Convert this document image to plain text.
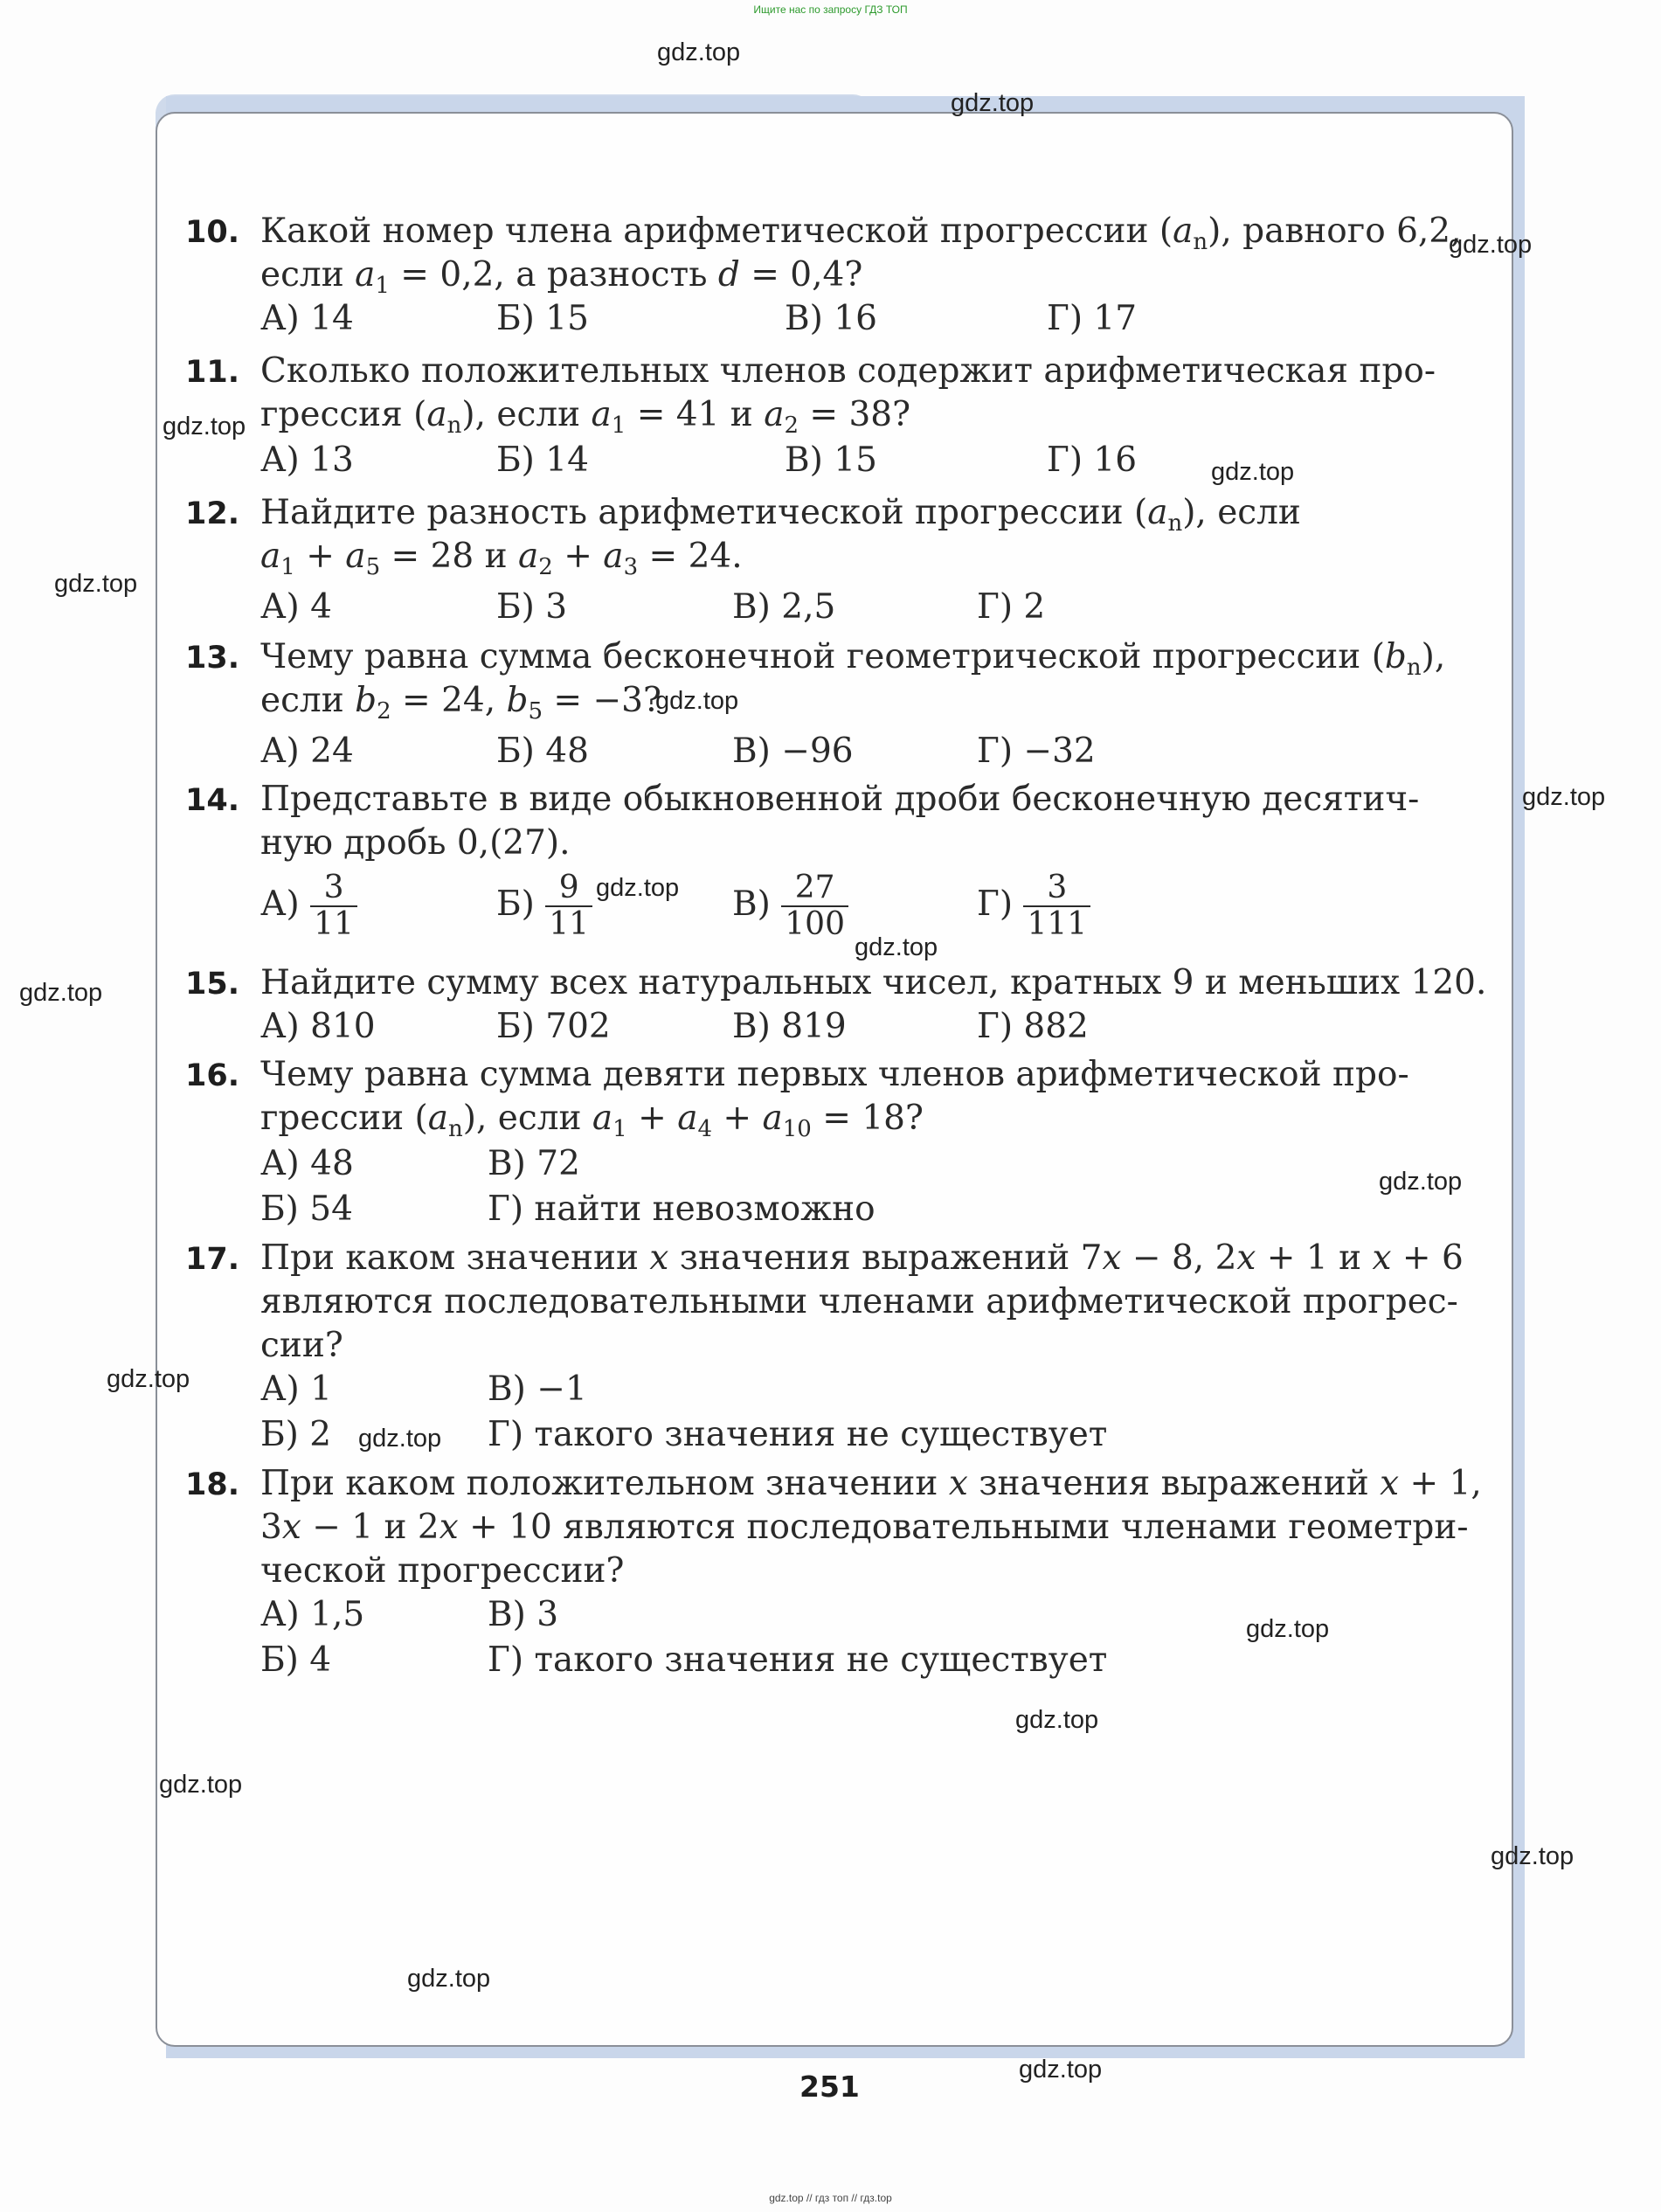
Ищите нас по запросу ГДЗ ТОП
10. Какой номер члена арифметической прогрессии $(a_n)$, равного 6,2,
если $a_1 = 0,2$, а разность d = 0,4?
А) 14	Б) 15	В) 16	Г) 17
11. Сколько положительных членов содержит арифметическая про-
грессия $(a_n)$, если $a_1 = 41$ и $a_2 = 38$?
А) 13	Б) 14	В) 15	Г) 16
12. Найдите разность арифметической прогрессии $(a_n)$, если
$a_1 + a_5 = 28$ и $a_2 + a_3 = 24$.
А) 4	Б) 3	В) 2,5	Г) 2
13. Чему равна сумма бесконечной геометрической прогрессии $(b_n)$,
если $b_2 = 24$, $b_5 = -3$?
А) 24	Б) 48	В) −96	Г) −32
14. Представьте в виде обыкновенной дроби бесконечную десятич-
ную дробь 0,(27).
$А) \frac{3}{11}$	$Б) \frac{9}{11}$	$В) \frac{27}{100}$	$Г) \frac{3}{111}$
15. Найдите сумму всех натуральных чисел, кратных 9 и меньших 120.
А) 810	Б) 702	В) 819	Г) 882
16. Чему равна сумма девяти первых членов арифметической про-
грессии $(a_n)$, если $a_1 + a_4 + a_{10} = 18$?
А) 48	В) 72
Б) 54	Г) найти невозможно
17. При каком значении x значения выражений 7x − 8, 2x + 1 и x + 6
являются последовательными членами арифметической прогрес-
сии?
А) 1	В) −1
Б) 2	Г) такого значения не существует
18. При каком положительном значении x значения выражений x + 1,
3x − 1 и 2x + 10 являются последовательными членами геометри-
ческой прогрессии?
А) 1,5	В) 3
Б) 4	Г) такого значения не существует
gdz.top
gdz.top
gdz.top
gdz.top
gdz.top
gdz.top
gdz.top
gdz.top
gdz.top
gdz.top
gdz.top
gdz.top
gdz.top
gdz.top
gdz.top
gdz.top
gdz.top
gdz.top
gdz.top
gdz.top
251
gdz.top // гдз топ // гдз.top
